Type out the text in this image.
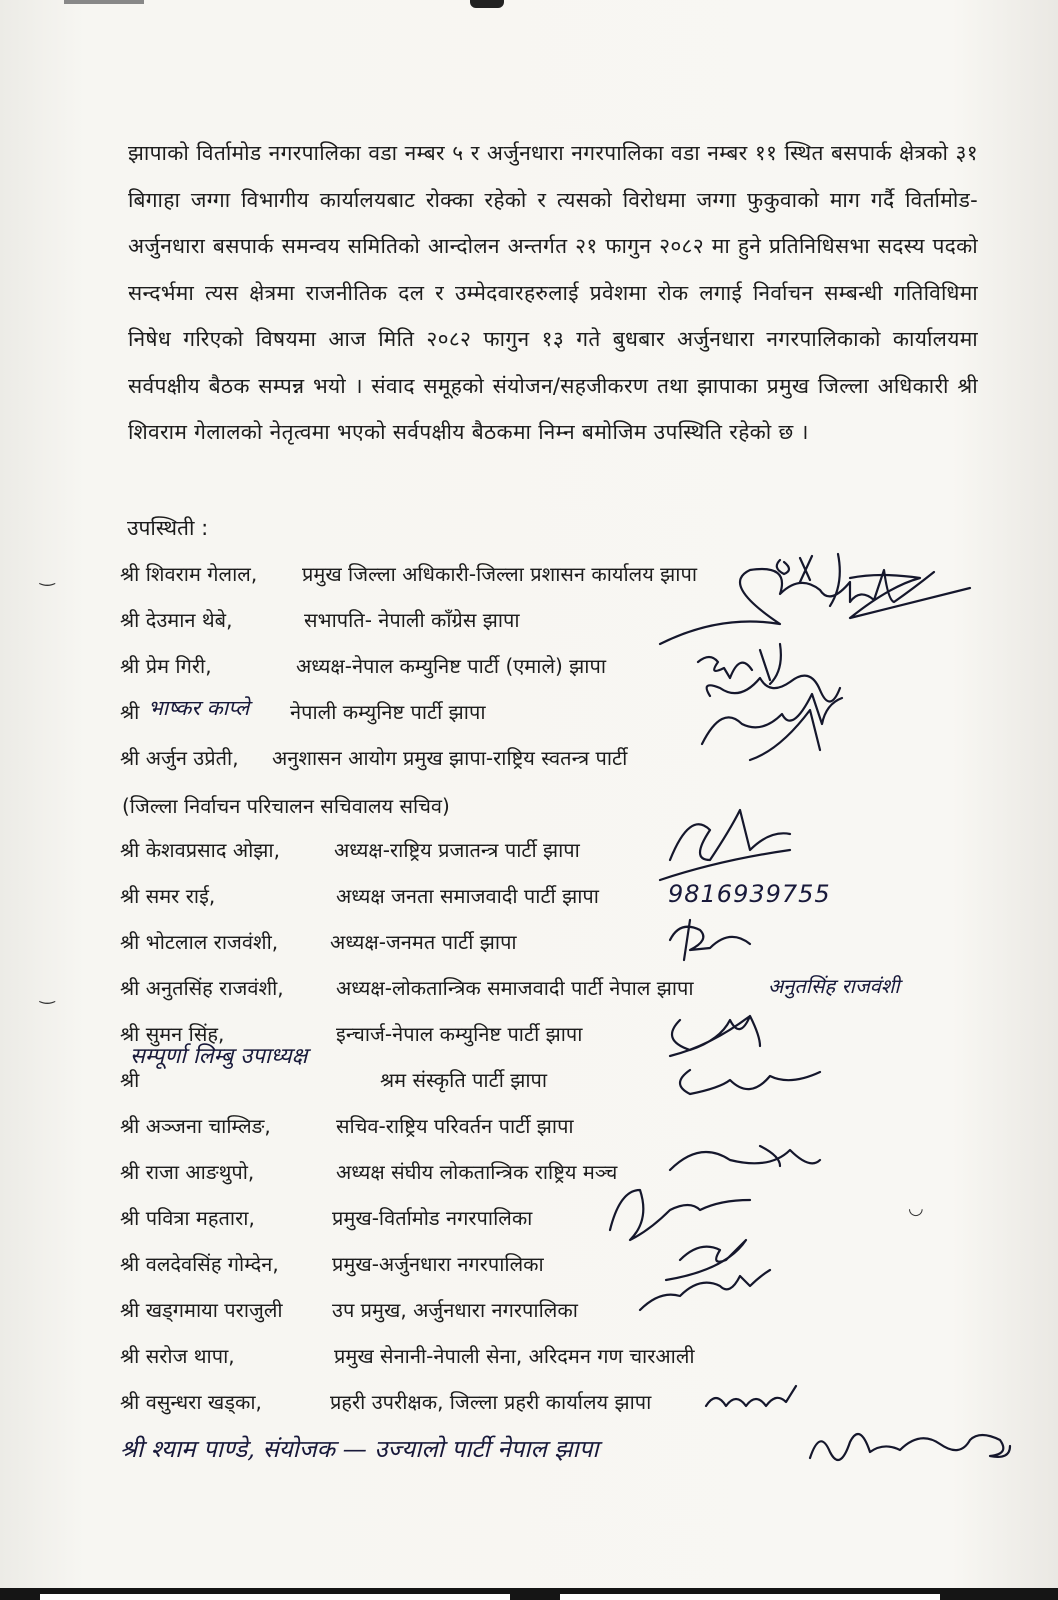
झापाको विर्तामोड नगरपालिका वडा नम्बर ५ र अर्जुनधारा नगरपालिका वडा नम्बर ११ स्थित बसपार्क क्षेत्रको ३१ बिगाहा जग्गा विभागीय कार्यालयबाट रोक्का रहेको र त्यसको विरोधमा जग्गा फुकुवाको माग गर्दै विर्तामोड-अर्जुनधारा बसपार्क समन्वय समितिको आन्दोलन अन्तर्गत २१ फागुन २०८२ मा हुने प्रतिनिधिसभा सदस्य पदको सन्दर्भमा त्यस क्षेत्रमा राजनीतिक दल र उम्मेदवारहरुलाई प्रवेशमा रोक लगाई निर्वाचन सम्बन्धी गतिविधिमा निषेध गरिएको विषयमा आज मिति २०८२ फागुन १३ गते बुधबार अर्जुनधारा नगरपालिकाको कार्यालयमा सर्वपक्षीय बैठक सम्पन्न भयो । संवाद समूहको संयोजन/सहजीकरण तथा झापाका प्रमुख जिल्ला अधिकारी श्री शिवराम गेलालको नेतृत्वमा भएको सर्वपक्षीय बैठकमा निम्न बमोजिम उपस्थिति रहेको छ ।
उपस्थिती :
श्री शिवराम गेलाल, प्रमुख जिल्ला अधिकारी-जिल्ला प्रशासन कार्यालय झापा
श्री देउमान थेबे,	सभापति- नेपाली काँग्रेस झापा
श्री प्रेम गिरी,	अध्यक्ष-नेपाल कम्युनिष्ट पार्टी (एमाले) झापा
श्री भाष्कर काप्ले नेपाली कम्युनिष्ट पार्टी झापा
श्री अर्जुन उप्रेती, अनुशासन आयोग प्रमुख झापा-राष्ट्रिय स्वतन्त्र पार्टी
(जिल्ला निर्वाचन परिचालन सचिवालय सचिव)
श्री केशवप्रसाद ओझा,	अध्यक्ष-राष्ट्रिय प्रजातन्त्र पार्टी झापा
श्री समर राई,	अध्यक्ष जनता समाजवादी पार्टी झापा
श्री भोटलाल राजवंशी,	अध्यक्ष-जनमत पार्टी झापा
श्री अनुतसिंह राजवंशी,	अध्यक्ष-लोकतान्त्रिक समाजवादी पार्टी नेपाल झापा
श्री सुमन सिंह,	इन्चार्ज-नेपाल कम्युनिष्ट पार्टी झापा
श्री	श्रम संस्कृति पार्टी झापा
सम्पूर्णा लिम्बु उपाध्यक्ष
श्री अञ्जना चाम्लिङ,	सचिव-राष्ट्रिय परिवर्तन पार्टी झापा
श्री राजा आङथुपो,	अध्यक्ष संघीय लोकतान्त्रिक राष्ट्रिय मञ्च
श्री पवित्रा महतारा,	प्रमुख-विर्तामोड नगरपालिका
श्री वलदेवसिंह गोम्देन,	प्रमुख-अर्जुनधारा नगरपालिका
श्री खड्गमाया पराजुली उप प्रमुख, अर्जुनधारा नगरपालिका
श्री सरोज थापा,	प्रमुख सेनानी-नेपाली सेना, अरिदमन गण चारआली
श्री वसुन्धरा खड्का,	प्रहरी उपरीक्षक, जिल्ला प्रहरी कार्यालय झापा
9816939755
अनुतसिंह राजवंशी
श्री श्याम पाण्डे, संयोजक — उज्यालो पार्टी नेपाल झापा
‿
‿
◡
